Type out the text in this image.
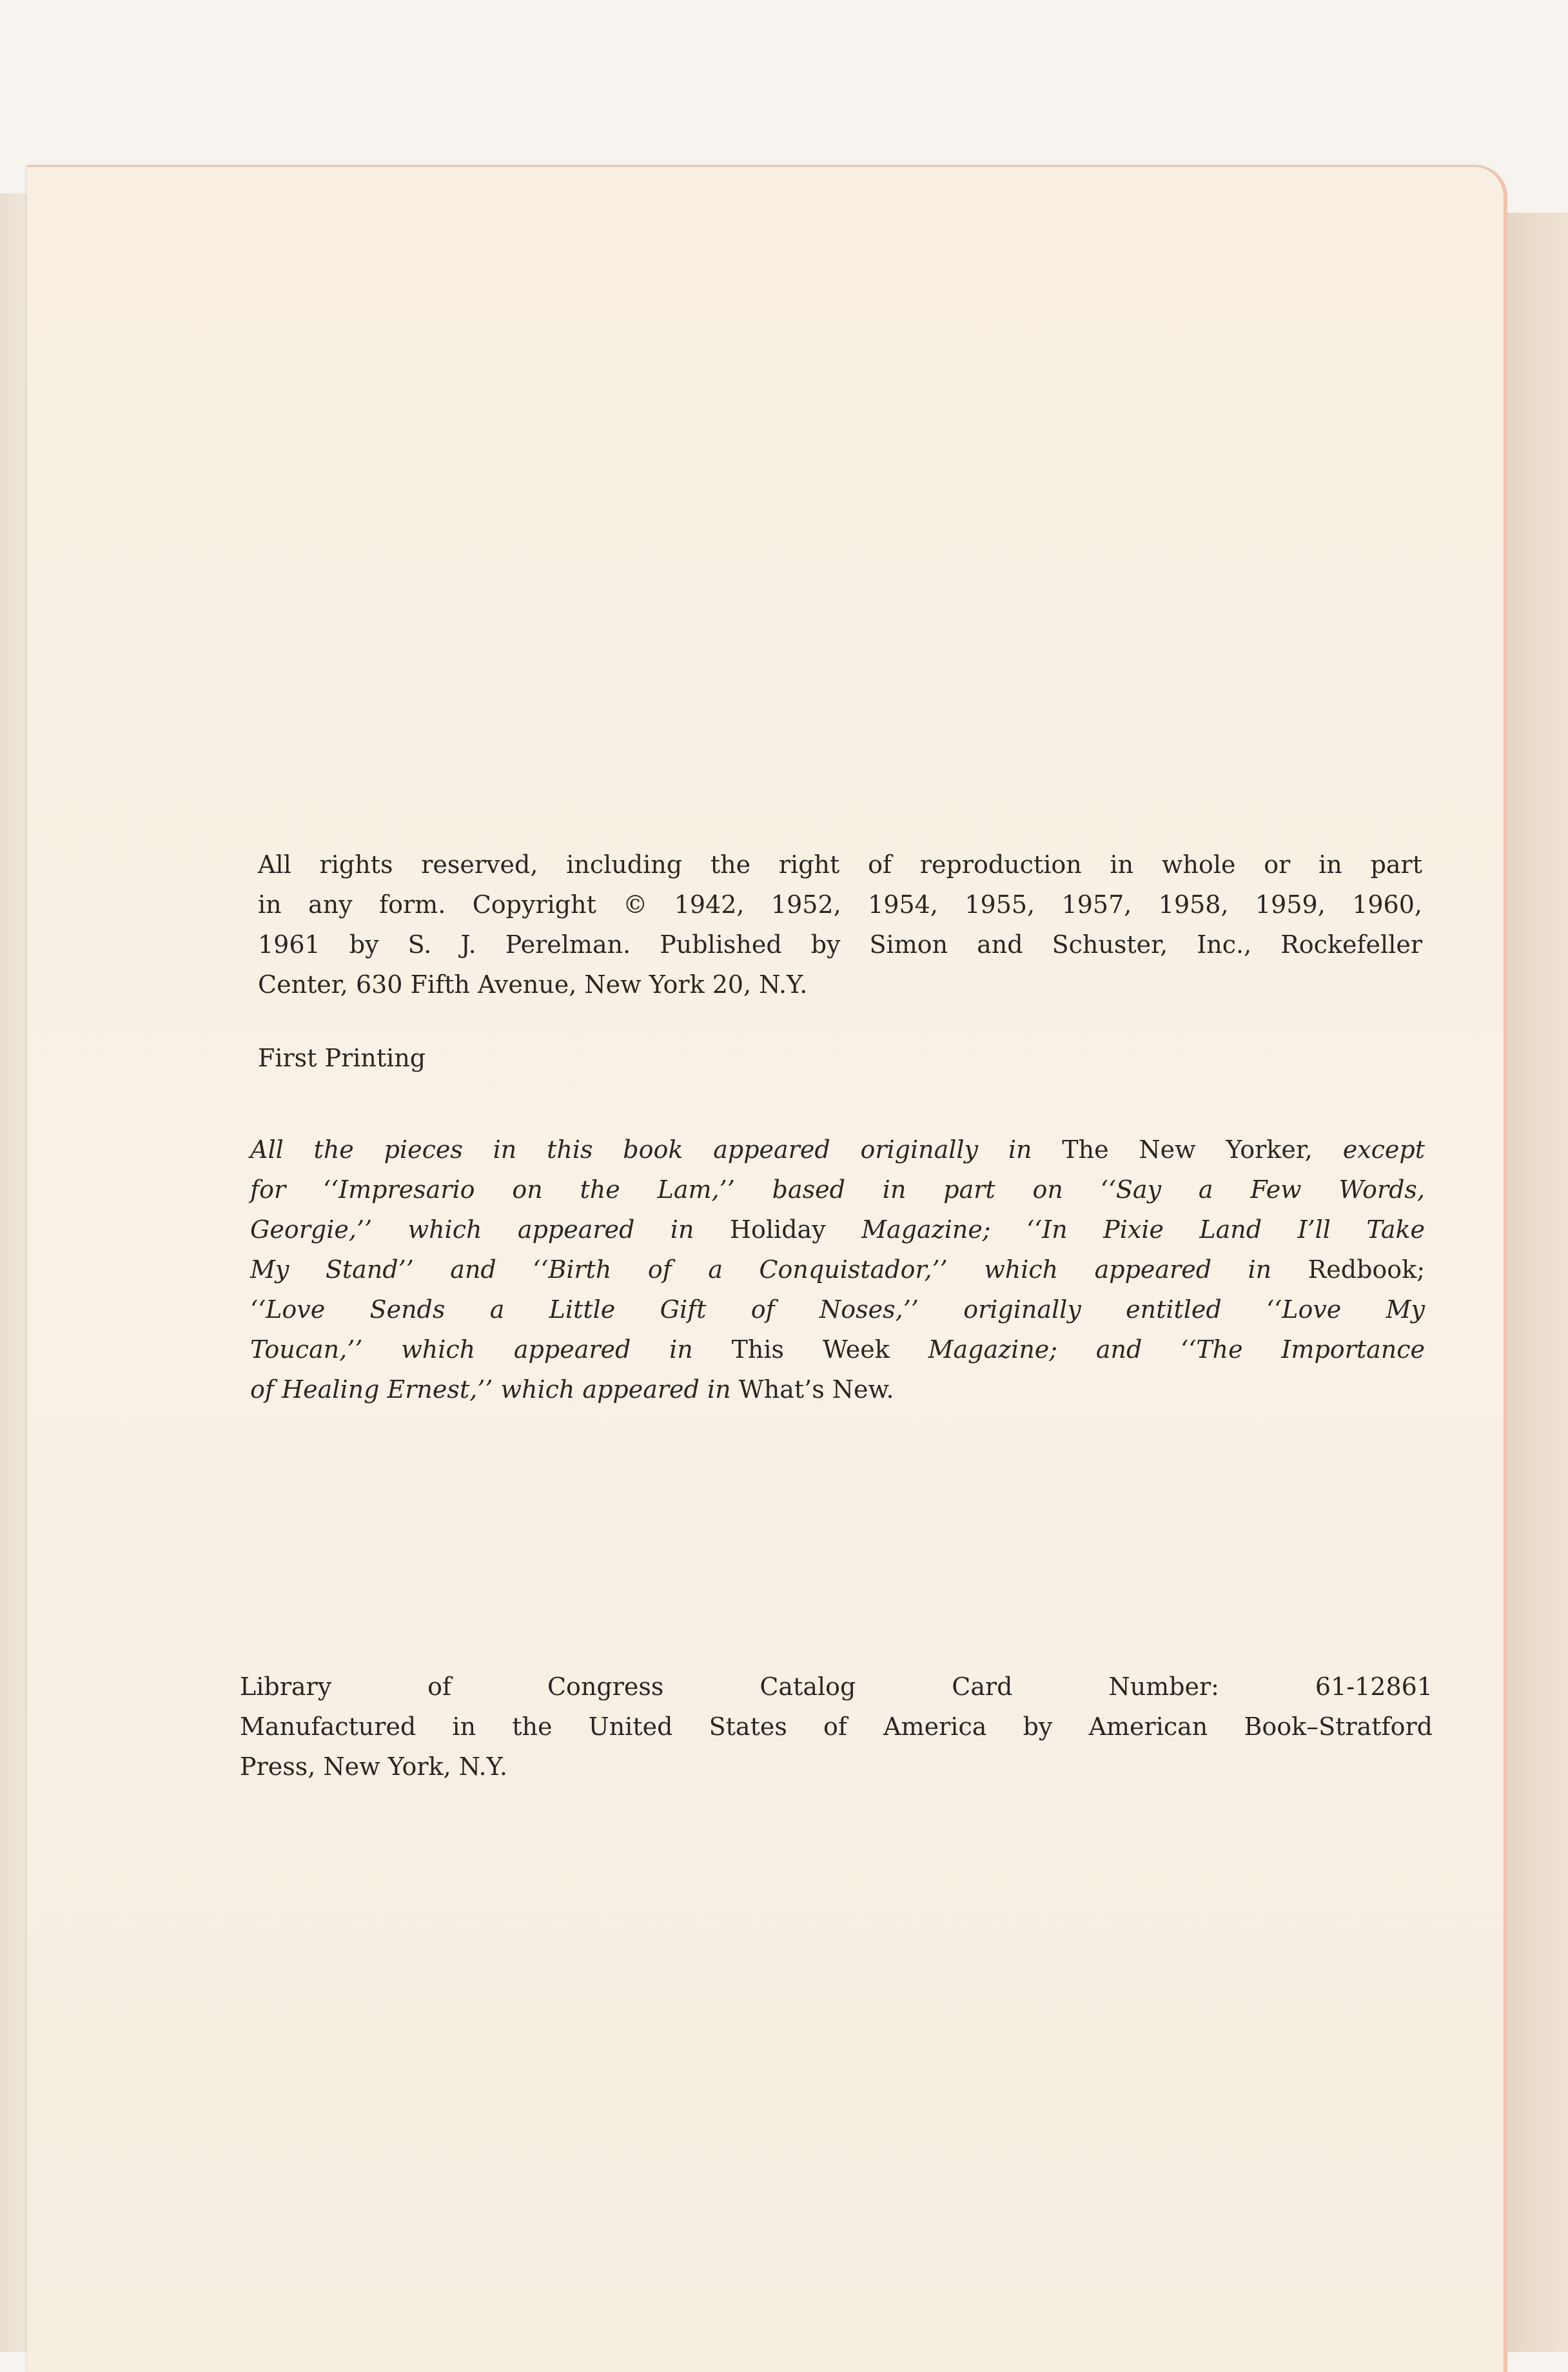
All rights reserved, including the right of reproduction in whole or in part
in any form. Copyright © 1942, 1952, 1954, 1955, 1957, 1958, 1959, 1960,
1961 by S. J. Perelman. Published by Simon and Schuster, Inc., Rockefeller
Center, 630 Fifth Avenue, New York 20, N.Y.
First Printing
All the pieces in this book appeared originally in The New Yorker, except
for ‘‘Impresario on the Lam,’’ based in part on ‘‘Say a Few Words,
Georgie,’’ which appeared in Holiday Magazine; ‘‘In Pixie Land I’ll Take
My Stand’’ and ‘‘Birth of a Conquistador,’’ which appeared in Redbook;
‘‘Love Sends a Little Gift of Noses,’’ originally entitled ‘‘Love My
Toucan,’’ which appeared in This Week Magazine; and ‘‘The Importance
of Healing Ernest,’’ which appeared in What’s New.
Library of Congress Catalog Card Number: 61-12861
Manufactured in the United States of America by American Book–Stratford
Press, New York, N.Y.
